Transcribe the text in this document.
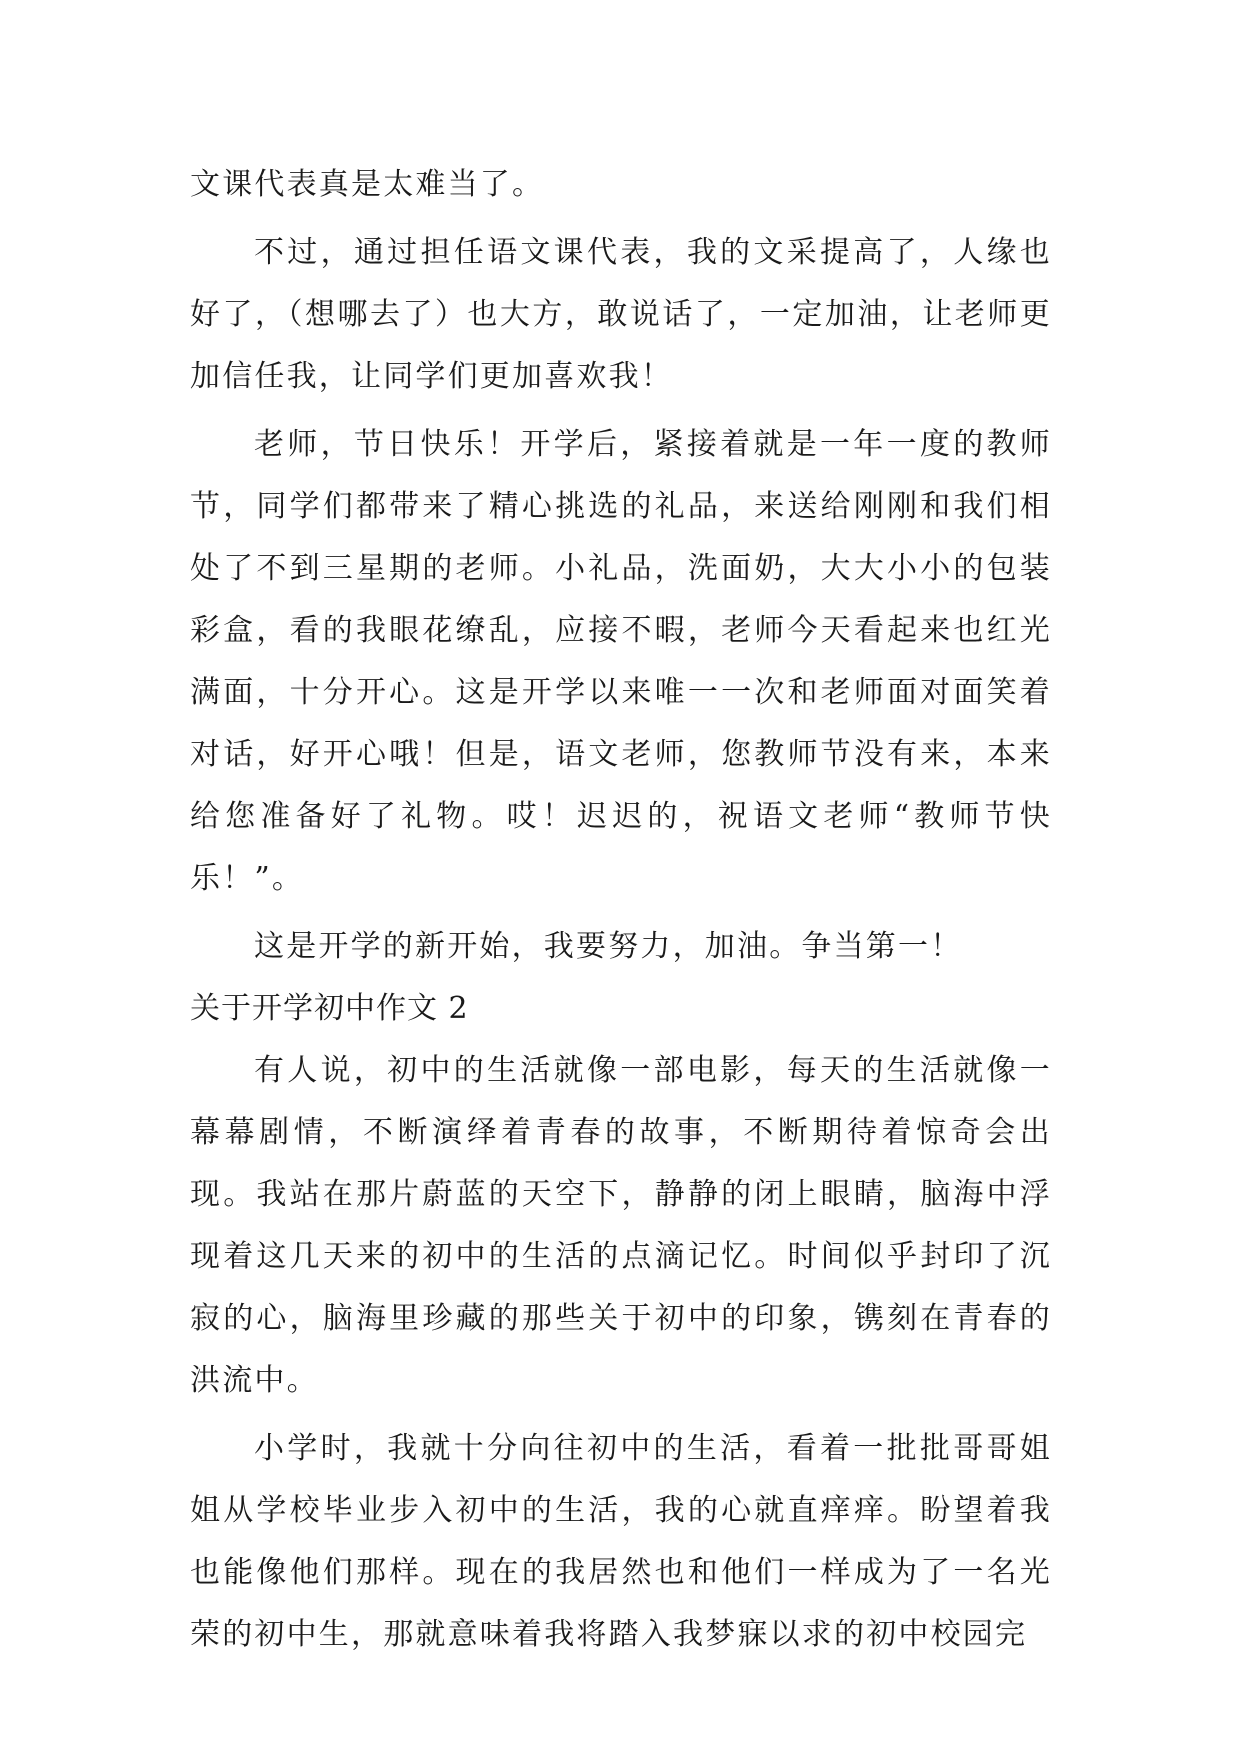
文课代表真是太难当了。

不过，通过担任语文课代表，我的文采提高了，人缘也好了，（想哪去了）也大方，敢说话了，一定加油，让老师更加信任我，让同学们更加喜欢我！

老师，节日快乐！开学后，紧接着就是一年一度的教师节，同学们都带来了精心挑选的礼品，来送给刚刚和我们相处了不到三星期的老师。小礼品，洗面奶，大大小小的包装彩盒，看的我眼花缭乱，应接不暇，老师今天看起来也红光满面，十分开心。这是开学以来唯一一次和老师面对面笑着对话，好开心哦！但是，语文老师，您教师节没有来，本来给您准备好了礼物。哎！迟迟的，祝语文老师“教师节快乐！”。

这是开学的新开始，我要努力，加油。争当第一！

关于开学初中作文 2

有人说，初中的生活就像一部电影，每天的生活就像一幕幕剧情，不断演绎着青春的故事，不断期待着惊奇会出现。我站在那片蔚蓝的天空下，静静的闭上眼睛，脑海中浮现着这几天来的初中的生活的点滴记忆。时间似乎封印了沉寂的心，脑海里珍藏的那些关于初中的印象，镌刻在青春的洪流中。

小学时，我就十分向往初中的生活，看着一批批哥哥姐姐从学校毕业步入初中的生活，我的心就直痒痒。盼望着我也能像他们那样。现在的我居然也和他们一样成为了一名光荣的初中生，那就意味着我将踏入我梦寐以求的初中校园完
